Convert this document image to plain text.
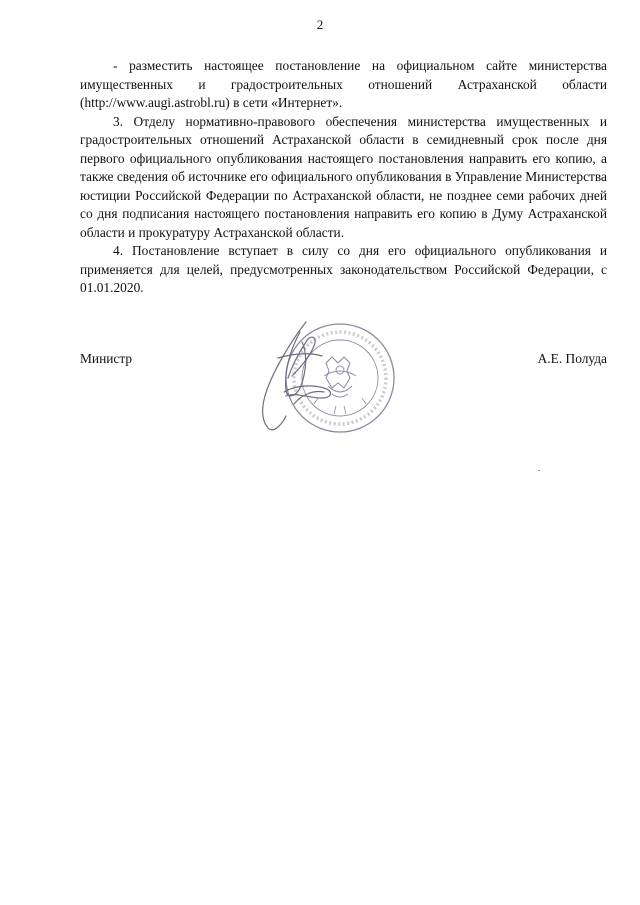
2

- разместить настоящее постановление на официальном сайте министерства имущественных и градостроительных отношений Астраханской области (http://www.augi.astrobl.ru) в сети «Интернет».

3. Отделу нормативно-правового обеспечения министерства имущественных и градостроительных отношений Астраханской области в семидневный срок после дня первого официального опубликования настоящего постановления направить его копию, а также сведения об источнике его официального опубликования в Управление Министерства юстиции Российской Федерации по Астраханской области, не позднее семи рабочих дней со дня подписания настоящего постановления направить его копию в Думу Астраханской области и прокуратуру Астраханской области.

4. Постановление вступает в силу со дня его официального опубликования и применяется для целей, предусмотренных законодательством Российской Федерации, с 01.01.2020.

Министр	А.Е. Полуда
